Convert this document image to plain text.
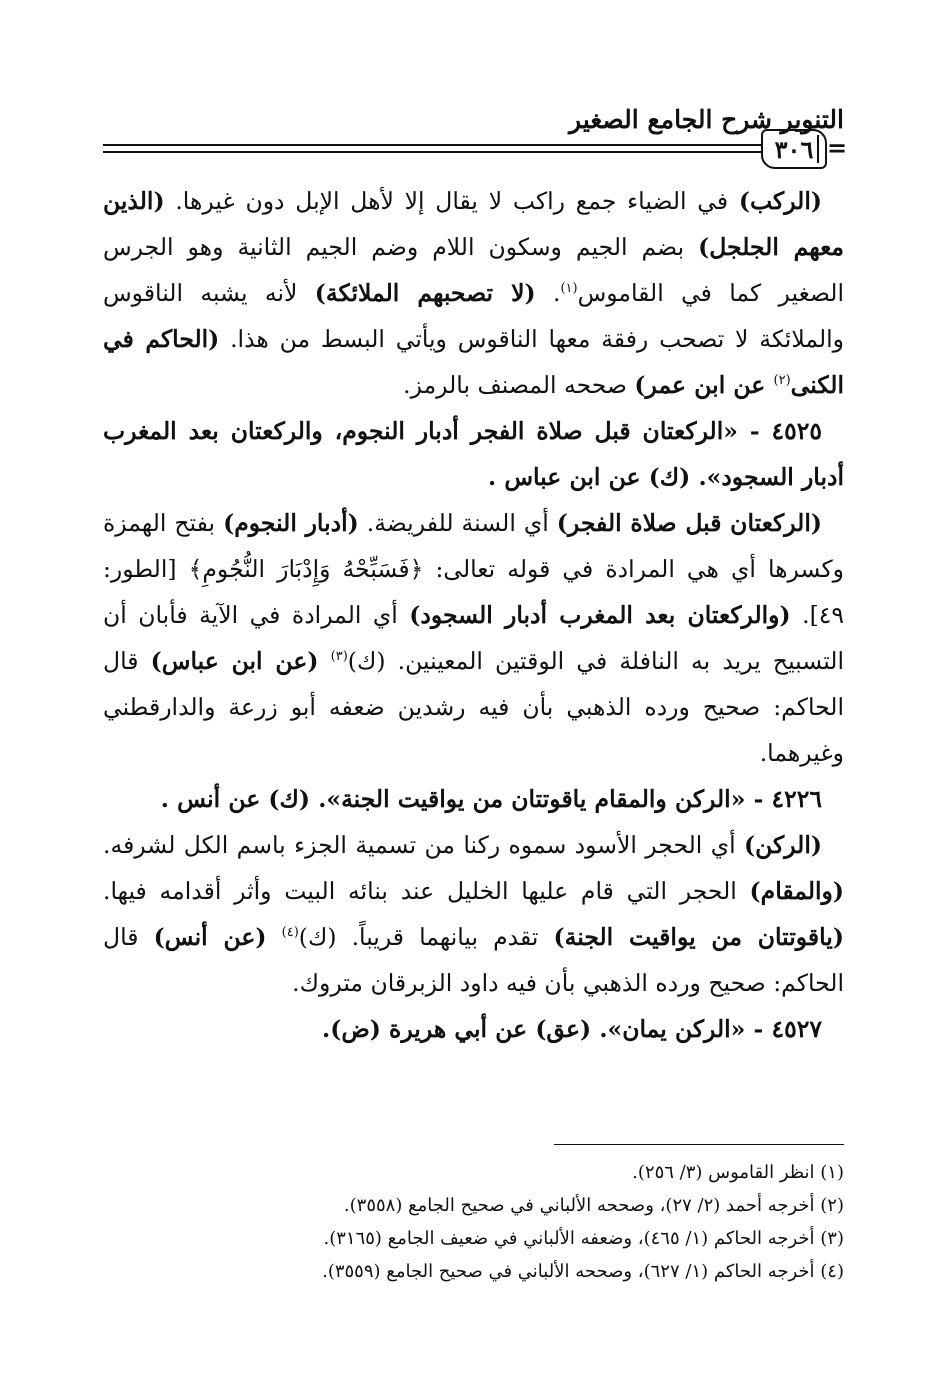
التنوير شرح الجامع الصغير
٣٠٦ =

(الركب) في الضياء جمع راكب لا يقال إلا لأهل الإبل دون غيرها. (الذين معهم الجلجل) بضم الجيم وسكون اللام وضم الجيم الثانية وهو الجرس الصغير كما في القاموس$^{(١)}$. (لا تصحبهم الملائكة) لأنه يشبه الناقوس والملائكة لا تصحب رفقة معها الناقوس ويأتي البسط من هذا. (الحاكم في الكنى$^{(٢)}$ عن ابن عمر) صححه المصنف بالرمز.

٤٥٢٥ - «الركعتان قبل صلاة الفجر أدبار النجوم، والركعتان بعد المغرب أدبار السجود». (ك) عن ابن عباس .

(الركعتان قبل صلاة الفجر) أي السنة للفريضة. (أدبار النجوم) بفتح الهمزة وكسرها أي هي المرادة في قوله تعالى: ﴿فَسَبِّحْهُ وَإِدْبَارَ النُّجُومِ﴾ [الطور: ٤٩]. (والركعتان بعد المغرب أدبار السجود) أي المرادة في الآية فأبان أن التسبيح يريد به النافلة في الوقتين المعينين. (ك)$^{(٣)}$ (عن ابن عباس) قال الحاكم: صحيح ورده الذهبي بأن فيه رشدين ضعفه أبو زرعة والدارقطني وغيرهما.

٤٢٢٦ - «الركن والمقام ياقوتتان من يواقيت الجنة». (ك) عن أنس .

(الركن) أي الحجر الأسود سموه ركنا من تسمية الجزء باسم الكل لشرفه. (والمقام) الحجر التي قام عليها الخليل عند بنائه البيت وأثر أقدامه فيها. (ياقوتتان من يواقيت الجنة) تقدم بيانهما قريباً. (ك)$^{(٤)}$ (عن أنس) قال الحاكم: صحيح ورده الذهبي بأن فيه داود الزبرقان متروك.

٤٥٢٧ - «الركن يمان». (عق) عن أبي هريرة (ض).

(١) انظر القاموس (٣/ ٢٥٦).

(٢) أخرجه أحمد (٢/ ٢٧)، وصححه الألباني في صحيح الجامع (٣٥٥٨).

(٣) أخرجه الحاكم (١/ ٤٦٥)، وضعفه الألباني في ضعيف الجامع (٣١٦٥).

(٤) أخرجه الحاكم (١/ ٦٢٧)، وصححه الألباني في صحيح الجامع (٣٥٥٩).
